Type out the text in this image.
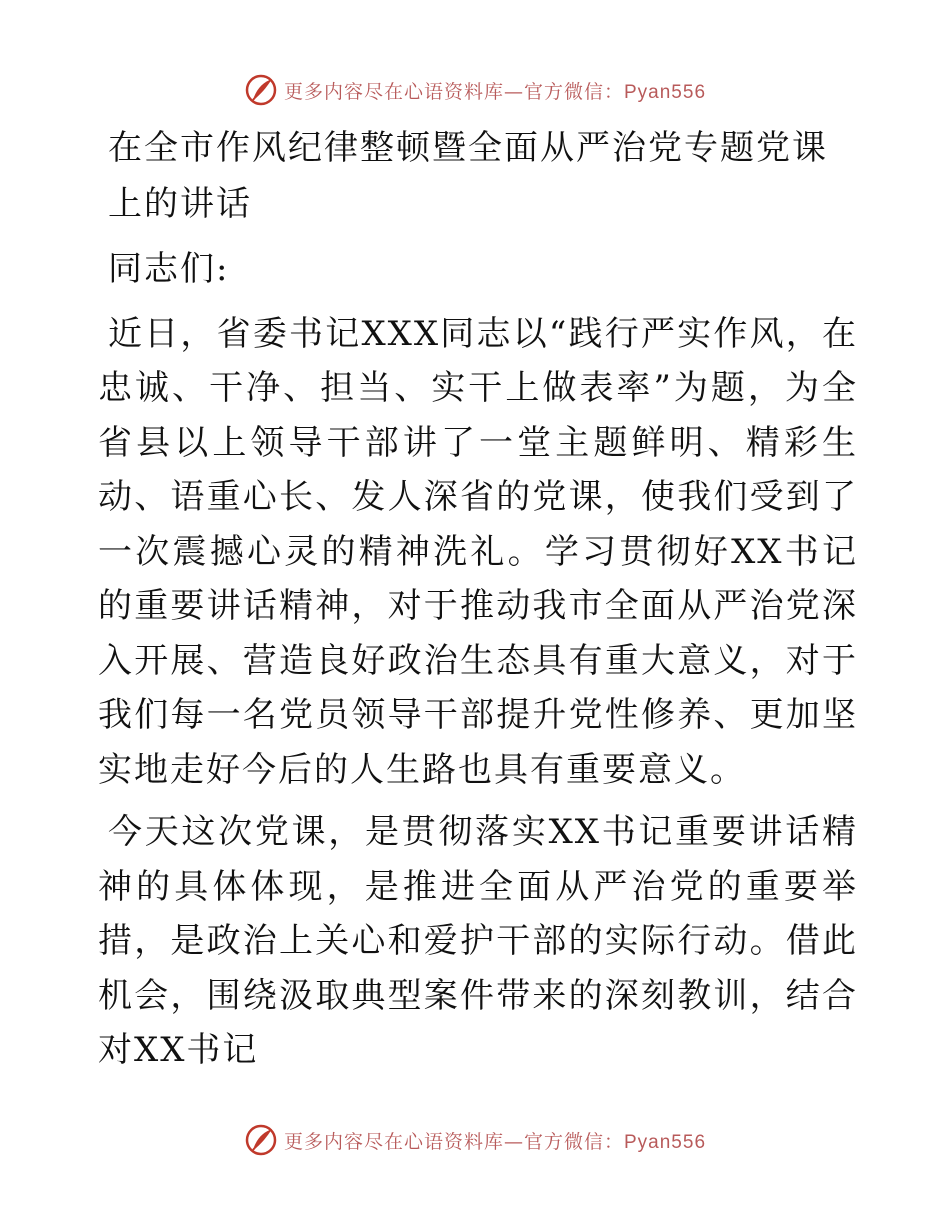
更多内容尽在心语资料库—官方微信：Pyan556
在全市作风纪律整顿暨全面从严治党专题党课上的讲话

同志们:

近日，省委书记XXX同志以“践行严实作风，在忠诚、干净、担当、实干上做表率”为题，为全省县以上领导干部讲了一堂主题鲜明、精彩生动、语重心长、发人深省的党课，使我们受到了一次震撼心灵的精神洗礼。学习贯彻好XX书记的重要讲话精神，对于推动我市全面从严治党深入开展、营造良好政治生态具有重大意义，对于我们每一名党员领导干部提升党性修养、更加坚实地走好今后的人生路也具有重要意义。

今天这次党课，是贯彻落实XX书记重要讲话精神的具体体现，是推进全面从严治党的重要举措，是政治上关心和爱护干部的实际行动。借此机会，围绕汲取典型案件带来的深刻教训，结合对XX书记

更多内容尽在心语资料库—官方微信：Pyan556
